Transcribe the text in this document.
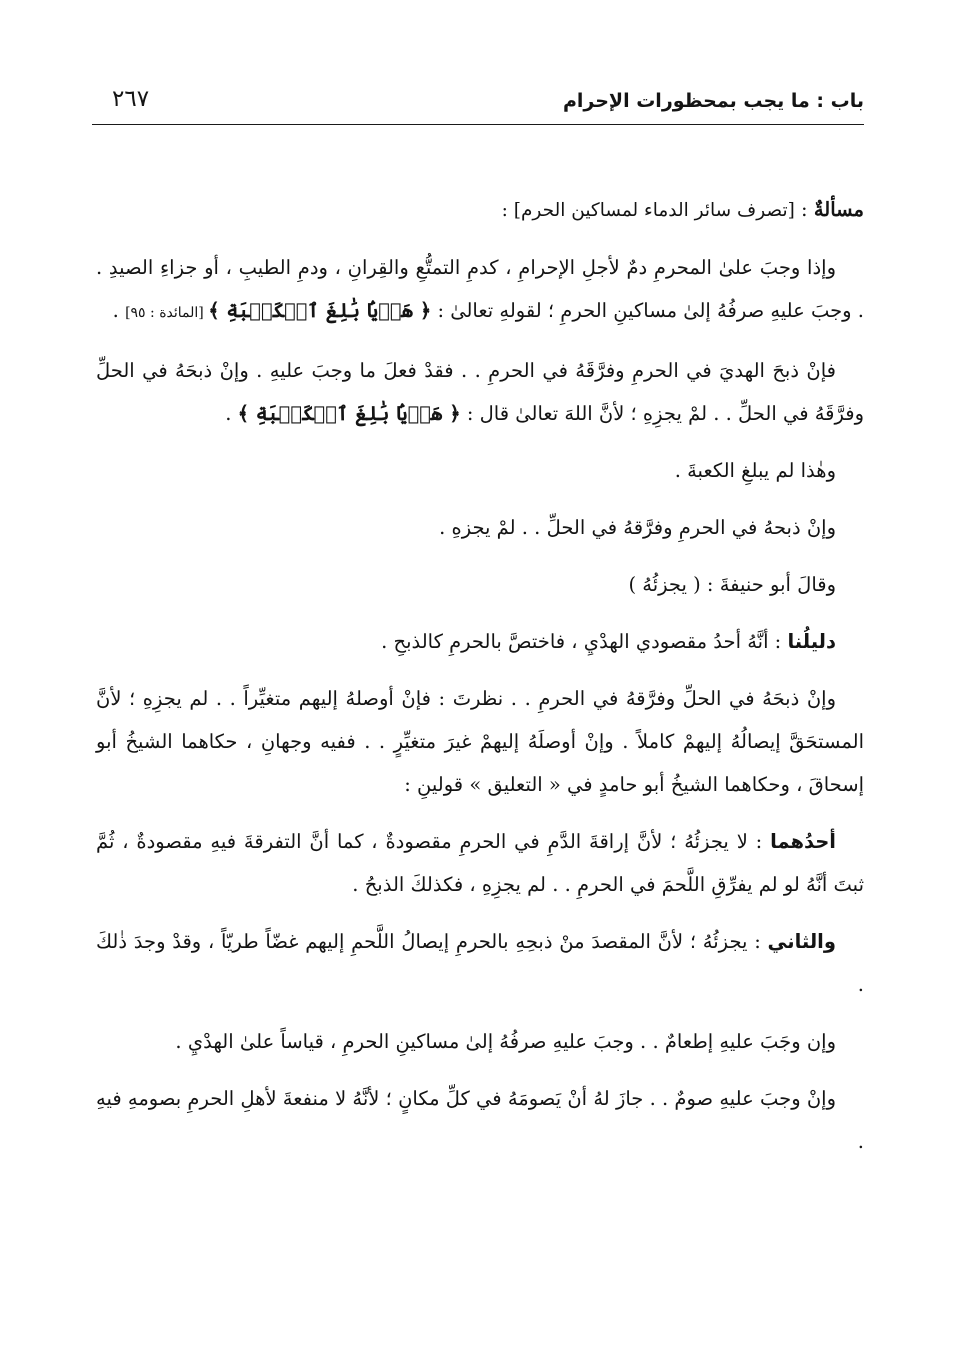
باب : ما يجب بمحظورات الإحرام
٢٦٧

مسألةٌ : [تصرف سائر الدماء لمساكين الحرم] :

وإذا وجبَ علىٰ المحرمِ دمٌ لأجلِ الإحرامِ ، كدمِ التمتُّعِ والقِرانِ ، ودمِ الطيبِ ، أو جزاءِ الصيدِ . . وجبَ عليهِ صرفُهُ إلىٰ مساكينِ الحرمِ ؛ لقولهِ تعالىٰ : ﴿ هَدۡيَۢا بَٰلِغَ ٱلۡكَعۡبَةِ ﴾ [المائدة : ٩٥] .

فإنْ ذبحَ الهديَ في الحرمِ وفرَّقَهُ في الحرمِ . . فقدْ فعلَ ما وجبَ عليهِ . وإنْ ذبحَهُ في الحلِّ وفرَّقَهُ في الحلِّ . . لمْ يجزِهِ ؛ لأنَّ اللهَ تعالىٰ قال : ﴿ هَدۡيَۢا بَٰلِغَ ٱلۡكَعۡبَةِ ﴾ .

وهٰذا لم يبلغِ الكعبةَ .

وإنْ ذبحهُ في الحرمِ وفرَّقهُ في الحلِّ . . لمْ يجزهِ .

وقالَ أبو حنيفةَ : ( يجزئُهُ )

دليلُنا : أنَّهُ أحدُ مقصودي الهدْيِ ، فاختصَّ بالحرمِ كالذبحِ .

وإنْ ذبحَهُ في الحلِّ وفرَّقهُ في الحرمِ . . نظرتَ : فإنْ أوصلهُ إليهم متغيِّراً . . لم يجزِهِ ؛ لأنَّ المستحَقَّ إيصالُهُ إليهمْ كاملاً . وإنْ أوصلَهُ إليهمْ غيرَ متغيِّرٍ . . ففيه وجهانِ ، حكاهما الشيخُ أبو إسحاقَ ، وحكاهما الشيخُ أبو حامدٍ في « التعليق » قولينِ :

أحدُهما : لا يجزئُهُ ؛ لأنَّ إراقةَ الدَّمِ في الحرمِ مقصودةٌ ، كما أنَّ التفرقةَ فيهِ مقصودةٌ ، ثُمَّ ثبتَ أنَّهُ لو لم يفرِّقِ اللَّحمَ في الحرمِ . . لم يجزِهِ ، فكذلكَ الذبحُ .

والثاني : يجزئُهُ ؛ لأنَّ المقصدَ منْ ذبحِهِ بالحرمِ إيصالُ اللَّحمِ إليهم غضّاً طريّاً ، وقدْ وجدَ ذٰلكَ .

وإن وجَبَ عليهِ إطعامٌ . . وجبَ عليهِ صرفُهُ إلىٰ مساكينِ الحرمِ ، قياساً علىٰ الهدْيِ .

وإنْ وجبَ عليهِ صومٌ . . جازَ لهُ أنْ يَصومَهُ في كلِّ مكانٍ ؛ لأنَّهُ لا منفعةَ لأهلِ الحرمِ بصومهِ فيهِ .
